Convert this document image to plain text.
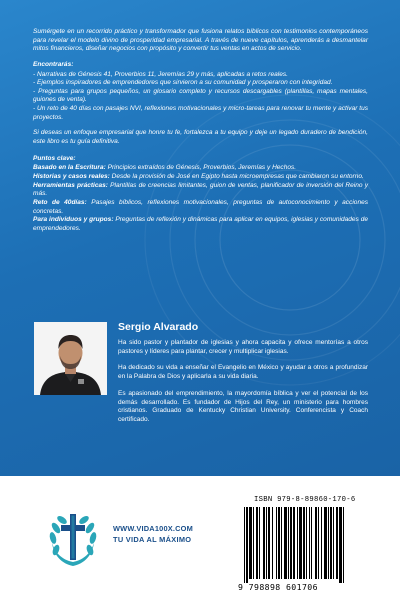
Sumérgete en un recorrido práctico y transformador que fusiona relatos bíblicos con testimonios contemporáneos para revelar el modelo divino de prosperidad empresarial. A través de nueve capítulos, aprenderás a desmantelar mitos financieros, diseñar negocios con propósito y convertir tus ventas en actos de servicio.

Encontrarás:
- Narrativas de Génesis 41, Proverbios 11, Jeremías 29 y más, aplicadas a retos reales.
- Ejemplos inspiradores de emprendedores que sirvieron a su comunidad y prosperaron con integridad.
- Preguntas para grupos pequeños, un glosario completo y recursos descargables (plantillas, mapas mentales, guiones de venta).
- Un reto de 40 días con pasajes NVI, reflexiones motivacionales y micro-tareas para renovar tu mente y activar tus proyectos.
Si deseas un enfoque empresarial que honre tu fe, fortalezca a tu equipo y deje un legado duradero de bendición, este libro es tu guía definitiva.
Puntos clave:
Basado en la Escritura: Principios extraídos de Génesis, Proverbios, Jeremías y Hechos.
Historias y casos reales: Desde la provisión de José en Egipto hasta microempresas que cambiaron su entorno.
Herramientas prácticas: Plantillas de creencias limitantes, guion de ventas, planificador de inversión del Reino y más.
Reto de 40días: Pasajes bíblicos, reflexiones motivacionales, preguntas de autoconocimiento y acciones concretas.
Para individuos y grupos: Preguntas de reflexión y dinámicas para aplicar en equipos, iglesias y comunidades de emprendedores.
Sergio Alvarado

Ha sido pastor y plantador de iglesias y ahora capacita y ofrece mentorías a otros pastores y líderes para plantar, crecer y multiplicar iglesias.

Ha dedicado su vida a enseñar el Evangelio en México y ayudar a otros a profundizar en la Palabra de Dios y aplicarla a su vida diaria.

Es apasionado del emprendimiento, la mayordomía bíblica y ver el potencial de los demás desarrollado. Es fundador de Hijos del Rey, un ministerio para hombres cristianos. Graduado de Kentucky Christian University. Conferencista y Coach certificado.

WWW.VIDA100X.COM
TU VIDA AL MÁXIMO
ISBN 979-8-89860-170-6
9 798898 601706
